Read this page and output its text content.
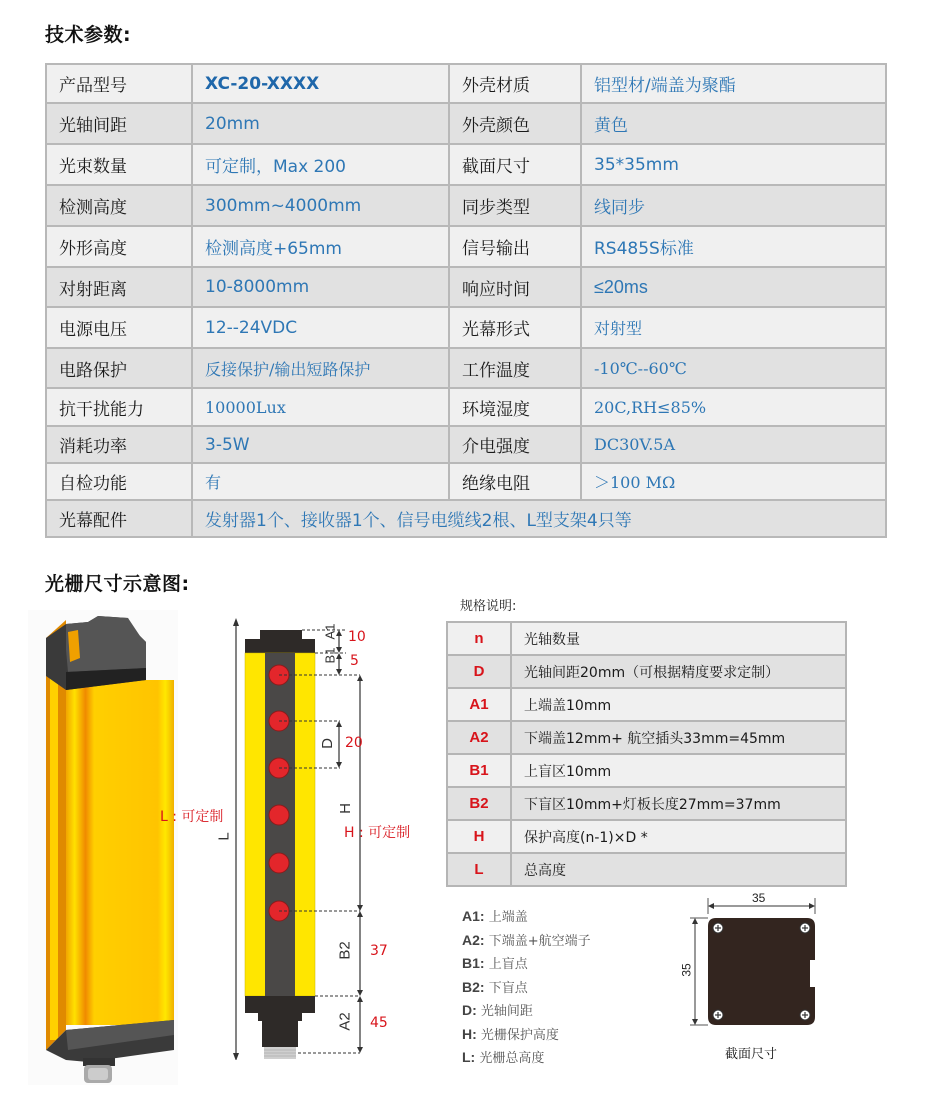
技术参数:
光栅尺寸示意图:
产品型号	XC-20-XXXX	外壳材质	铝型材/端盖为聚酯
光轴间距	20mm	外壳颜色	黄色
光束数量	可定制，Max 200	截面尺寸	35*35mm
检测高度	300mm~4000mm	同步类型	线同步
外形高度	检测高度+65mm	信号输出	RS485S标准
对射距离	10-8000mm	响应时间	≤20ms
电源电压	12--24VDC	光幕形式	对射型
电路保护	反接保护/输出短路保护	工作温度	-10℃--60℃
抗干扰能力	10000Lux	环境湿度	20C,RH≤85%
消耗功率	3-5W	介电强度	DC30V.5A
自检功能	有	绝缘电阻	＞100 MΩ
光幕配件	发射器1个、接收器1个、信号电缆线2根、L型支架4只等		
L
A1
B1
D
H
B2
A2
10
5
20
37
45
L : 可定制
H : 可定制
规格说明:
n	光轴数量
D	光轴间距20mm（可根据精度要求定制）
A1	上端盖10mm
A2	下端盖12mm+ 航空插头33mm=45mm
B1	上盲区10mm
B2	下盲区10mm+灯板长度27mm=37mm
H	保护高度(n-1)×D *
L	总高度
A1: 上端盖
A2: 下端盖+航空端子
B1: 上盲点
B2: 下盲点
D: 光轴间距
H: 光栅保护高度
L: 光栅总高度
35
35
截面尺寸
